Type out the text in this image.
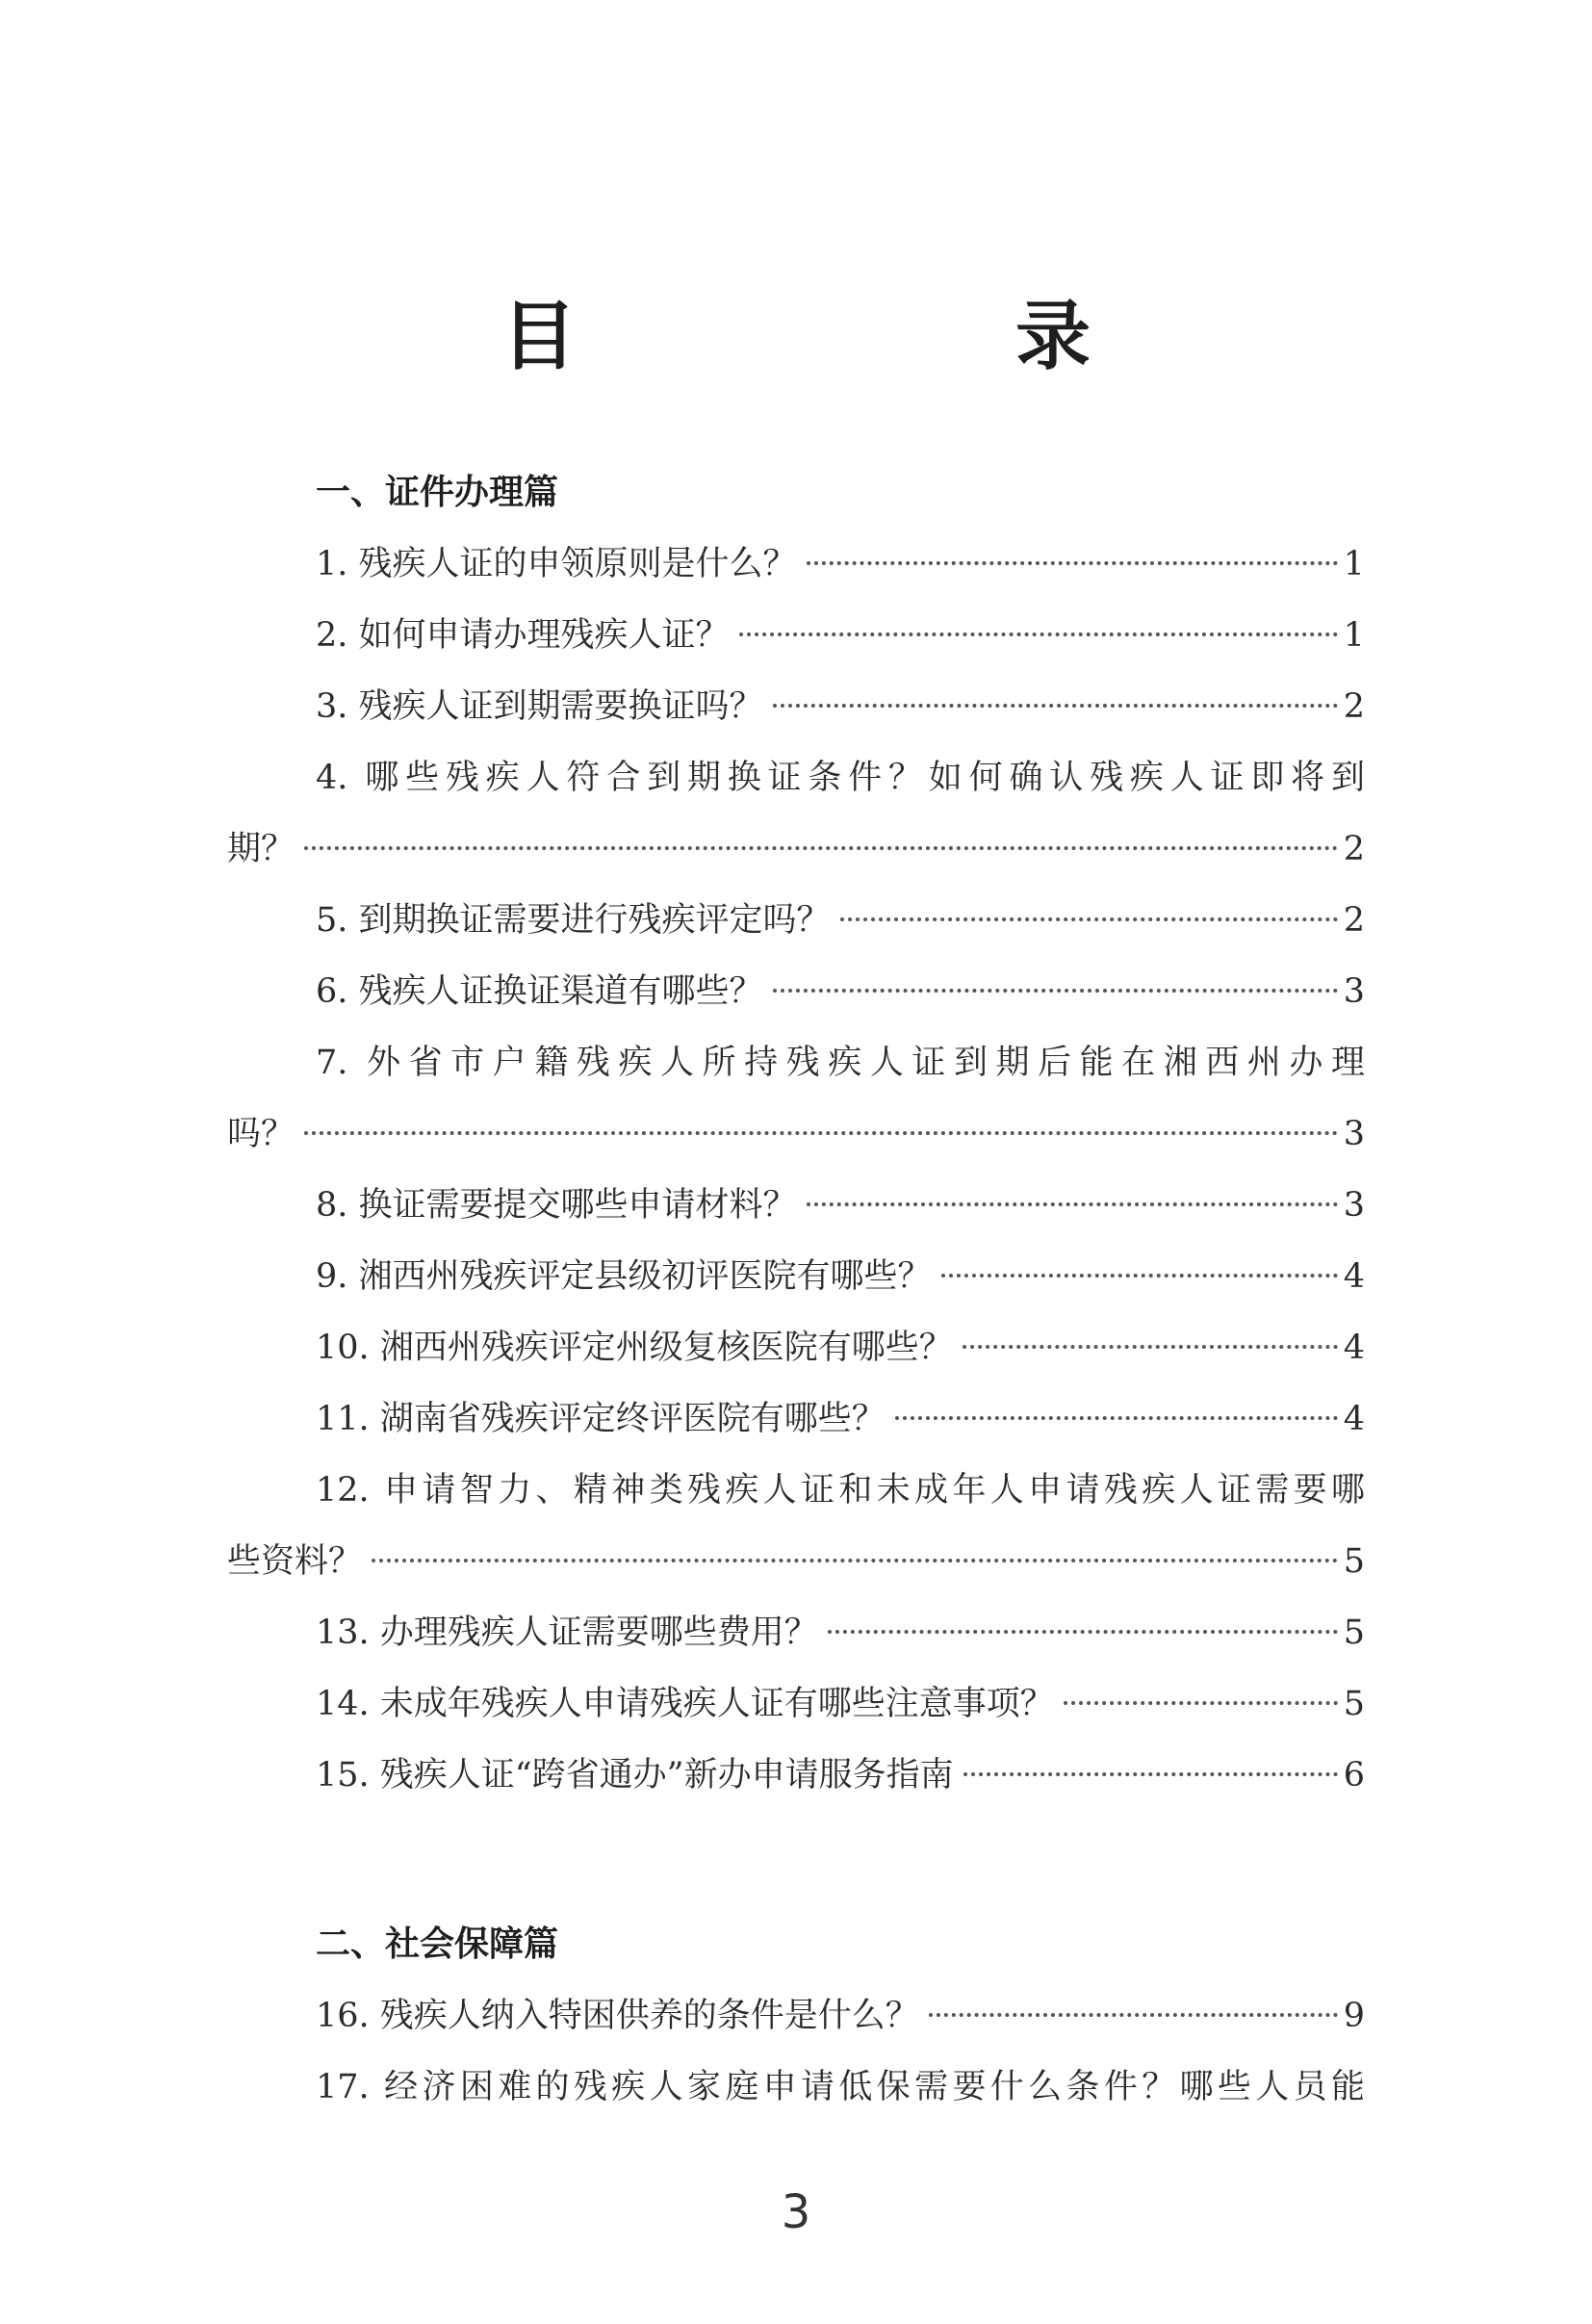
目　　录
一、证件办理篇
1. 残疾人证的申领原则是什么？	1
2. 如何申请办理残疾人证？	1
3. 残疾人证到期需要换证吗？	2
4. 哪些残疾人符合到期换证条件？如何确认残疾人证即将到
期？	2
5. 到期换证需要进行残疾评定吗？	2
6. 残疾人证换证渠道有哪些？	3
7. 外省市户籍残疾人所持残疾人证到期后能在湘西州办理
吗？	3
8. 换证需要提交哪些申请材料？	3
9. 湘西州残疾评定县级初评医院有哪些？	4
10. 湘西州残疾评定州级复核医院有哪些？	4
11. 湖南省残疾评定终评医院有哪些？	4
12. 申请智力、精神类残疾人证和未成年人申请残疾人证需要哪
些资料？	5
13. 办理残疾人证需要哪些费用？	5
14. 未成年残疾人申请残疾人证有哪些注意事项？	5
15. 残疾人证“跨省通办”新办申请服务指南	6
二、社会保障篇
16. 残疾人纳入特困供养的条件是什么？	9
17. 经济困难的残疾人家庭申请低保需要什么条件？哪些人员能
3
